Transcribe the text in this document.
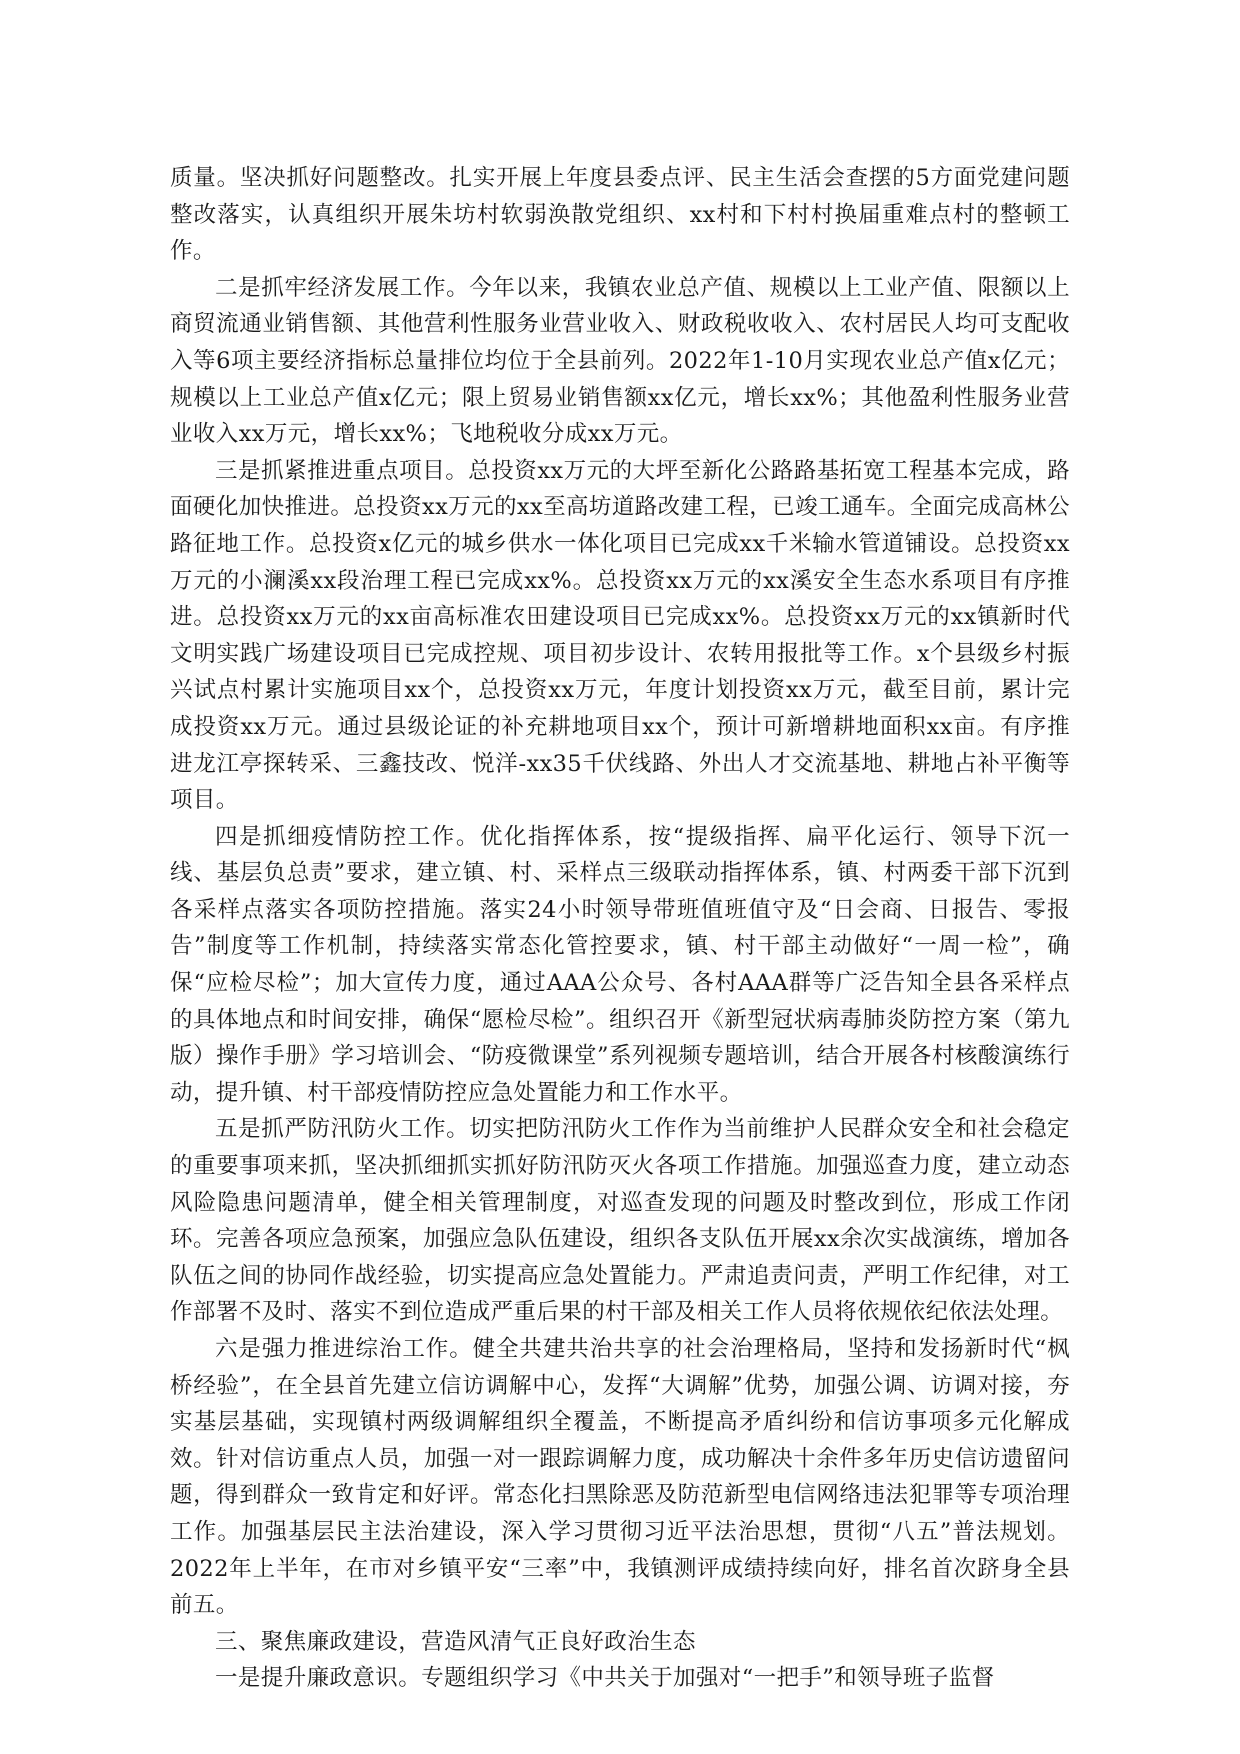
质量。坚决抓好问题整改。扎实开展上年度县委点评、民主生活会查摆的5方面党建问题整改落实，认真组织开展朱坊村软弱涣散党组织、xx村和下村村换届重难点村的整顿工作。

二是抓牢经济发展工作。今年以来，我镇农业总产值、规模以上工业产值、限额以上商贸流通业销售额、其他营利性服务业营业收入、财政税收收入、农村居民人均可支配收入等6项主要经济指标总量排位均位于全县前列。2022年1-10月实现农业总产值x亿元；规模以上工业总产值x亿元；限上贸易业销售额xx亿元，增长xx%；其他盈利性服务业营业收入xx万元，增长xx%；飞地税收分成xx万元。

三是抓紧推进重点项目。总投资xx万元的大坪至新化公路路基拓宽工程基本完成，路面硬化加快推进。总投资xx万元的xx至高坊道路改建工程，已竣工通车。全面完成高林公路征地工作。总投资x亿元的城乡供水一体化项目已完成xx千米输水管道铺设。总投资xx万元的小澜溪xx段治理工程已完成xx%。总投资xx万元的xx溪安全生态水系项目有序推进。总投资xx万元的xx亩高标准农田建设项目已完成xx%。总投资xx万元的xx镇新时代文明实践广场建设项目已完成控规、项目初步设计、农转用报批等工作。x个县级乡村振兴试点村累计实施项目xx个，总投资xx万元，年度计划投资xx万元，截至目前，累计完成投资xx万元。通过县级论证的补充耕地项目xx个，预计可新增耕地面积xx亩。有序推进龙江亭探转采、三鑫技改、悦洋-xx35千伏线路、外出人才交流基地、耕地占补平衡等项目。

四是抓细疫情防控工作。优化指挥体系，按“提级指挥、扁平化运行、领导下沉一线、基层负总责”要求，建立镇、村、采样点三级联动指挥体系，镇、村两委干部下沉到各采样点落实各项防控措施。落实24小时领导带班值班值守及“日会商、日报告、零报告”制度等工作机制，持续落实常态化管控要求，镇、村干部主动做好“一周一检”，确保“应检尽检”；加大宣传力度，通过AAA公众号、各村AAA群等广泛告知全县各采样点的具体地点和时间安排，确保“愿检尽检”。组织召开《新型冠状病毒肺炎防控方案（第九版）操作手册》学习培训会、“防疫微课堂”系列视频专题培训，结合开展各村核酸演练行动，提升镇、村干部疫情防控应急处置能力和工作水平。

五是抓严防汛防火工作。切实把防汛防火工作作为当前维护人民群众安全和社会稳定的重要事项来抓，坚决抓细抓实抓好防汛防灭火各项工作措施。加强巡查力度，建立动态风险隐患问题清单，健全相关管理制度，对巡查发现的问题及时整改到位，形成工作闭环。完善各项应急预案，加强应急队伍建设，组织各支队伍开展xx余次实战演练，增加各队伍之间的协同作战经验，切实提高应急处置能力。严肃追责问责，严明工作纪律，对工作部署不及时、落实不到位造成严重后果的村干部及相关工作人员将依规依纪依法处理。

六是强力推进综治工作。健全共建共治共享的社会治理格局，坚持和发扬新时代“枫桥经验”，在全县首先建立信访调解中心，发挥“大调解”优势，加强公调、访调对接，夯实基层基础，实现镇村两级调解组织全覆盖，不断提高矛盾纠纷和信访事项多元化解成效。针对信访重点人员，加强一对一跟踪调解力度，成功解决十余件多年历史信访遗留问题，得到群众一致肯定和好评。常态化扫黑除恶及防范新型电信网络违法犯罪等专项治理工作。加强基层民主法治建设，深入学习贯彻习近平法治思想，贯彻“八五”普法规划。2022年上半年，在市对乡镇平安“三率”中，我镇测评成绩持续向好，排名首次跻身全县前五。

三、聚焦廉政建设，营造风清气正良好政治生态

一是提升廉政意识。专题组织学习《中共关于加强对“一把手”和领导班子监督
